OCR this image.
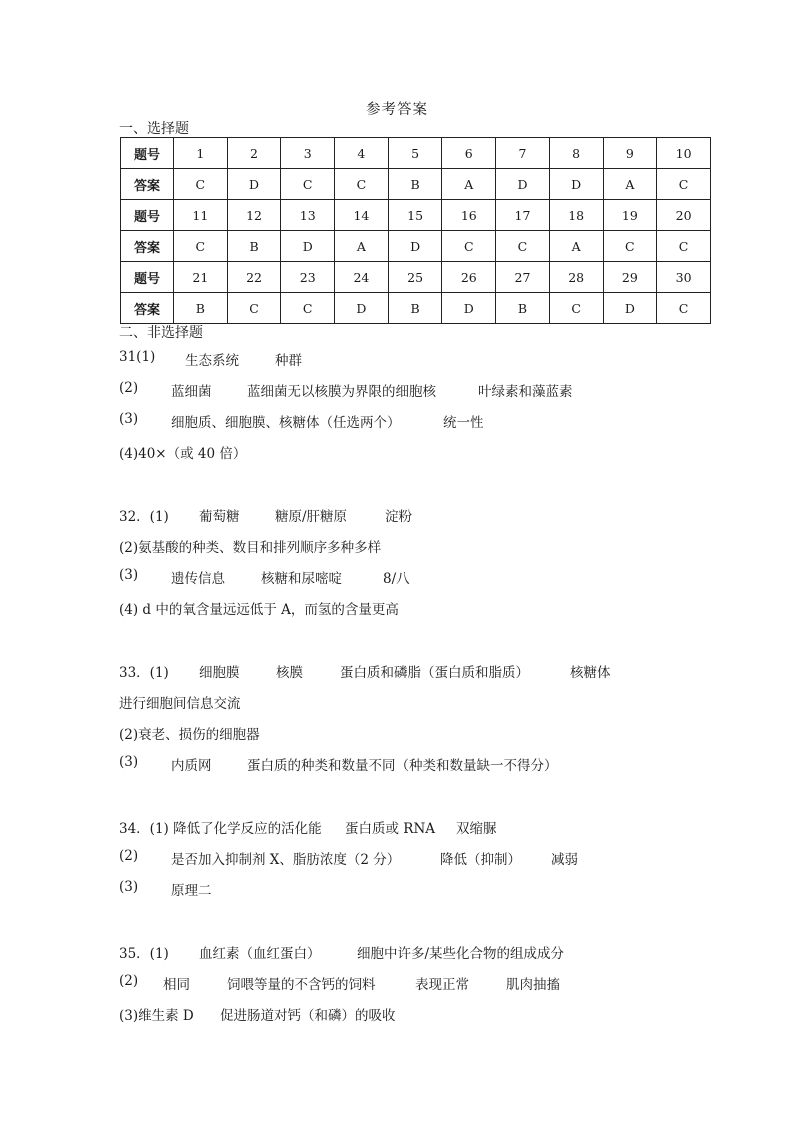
参考答案
一、选择题
题号	1	2	3	4	5	6	7	8	9	10
答案	C	D	C	C	B	A	D	D	A	C
题号	11	12	13	14	15	16	17	18	19	20
答案	C	B	D	A	D	C	C	A	C	C
题号	21	22	23	24	25	26	27	28	29	30
答案	B	C	C	D	B	D	B	C	D	C
二、非选择题
31(1) 生态系统	种群
(2) 蓝细菌	蓝细菌无以核膜为界限的细胞核	叶绿素和藻蓝素
(3) 细胞质、细胞膜、核糖体（任选两个）	统一性
(4)40×（或 40 倍）
32．(1) 葡萄糖	糖原/肝糖原	淀粉
(2)氨基酸的种类、数目和排列顺序多种多样
(3) 遗传信息	核糖和尿嘧啶	8/八
(4) d 中的氧含量远远低于 A，而氢的含量更高
33．(1) 细胞膜	核膜	蛋白质和磷脂（蛋白质和脂质）	核糖体
进行细胞间信息交流
(2)衰老、损伤的细胞器
(3) 内质网	蛋白质的种类和数量不同（种类和数量缺一不得分）
34．(1) 降低了化学反应的活化能 蛋白质或 RNA 双缩脲
(2) 是否加入抑制剂 X、脂肪浓度（2 分）	降低（抑制） 减弱
(3) 原理二
35．(1) 血红素（血红蛋白）	细胞中许多/某些化合物的组成成分
(2) 相同	饲喂等量的不含钙的饲料	表现正常	肌肉抽搐
(3)维生素 D 促进肠道对钙（和磷）的吸收
